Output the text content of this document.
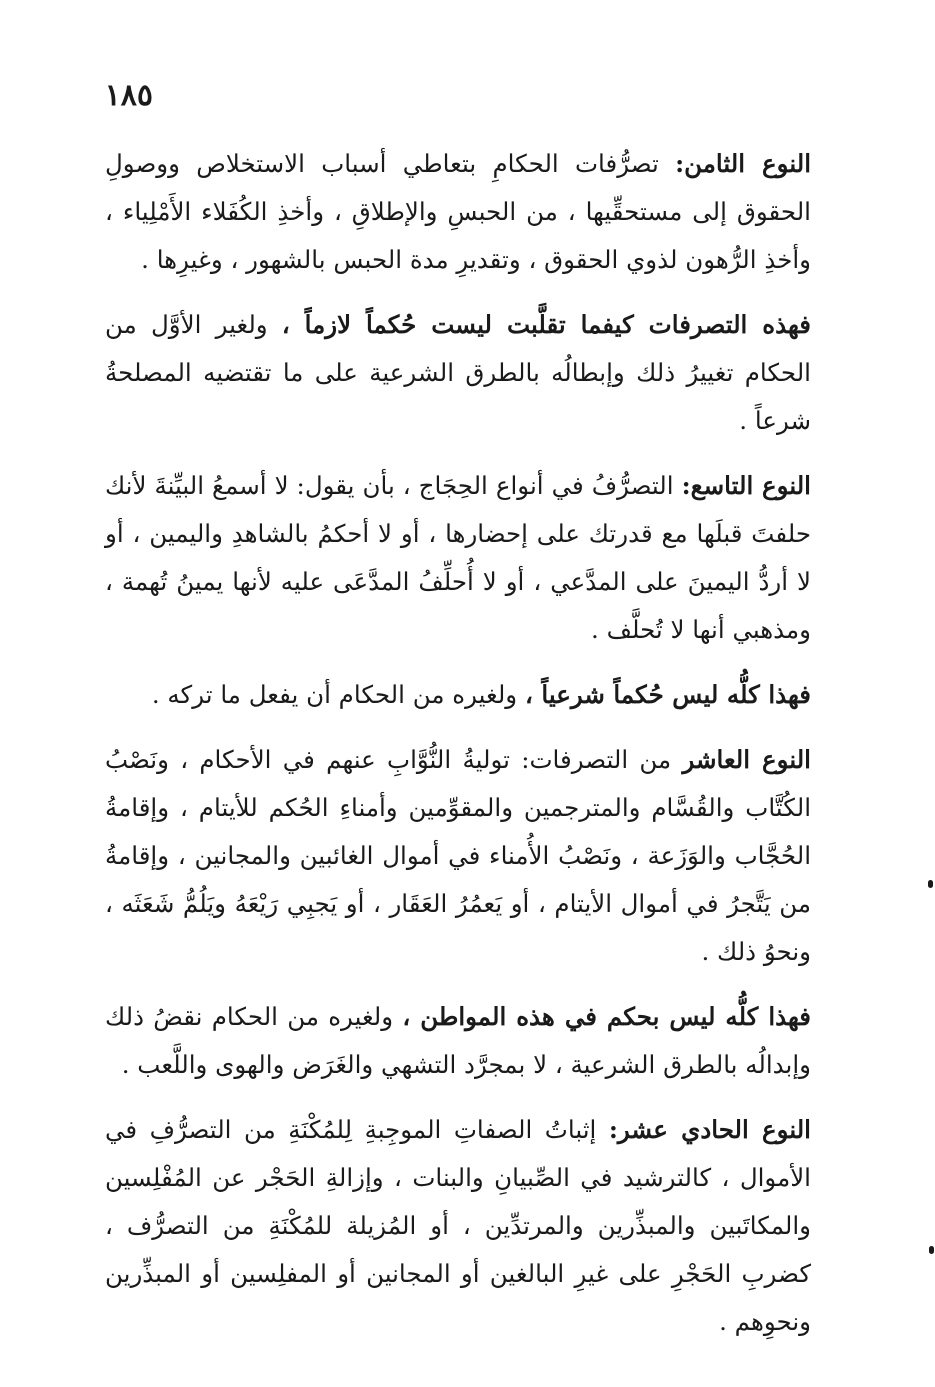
١٨٥

النوع الثامن: تصرُّفات الحكامِ بتعاطي أسباب الاستخلاص ووصولِ الحقوق إلى مستحقِّيها ، من الحبسِ والإطلاقِ ، وأخذِ الكُفَلاء الأَمْلِياء ، وأخذِ الرُّهون لذوي الحقوق ، وتقديرِ مدة الحبس بالشهور ، وغيرِها .

فهذه التصرفات كيفما تقلَّبت ليست حُكماً لازماً ، ولغير الأوَّل من الحكام تغييرُ ذلك وإبطالُه بالطرق الشرعية على ما تقتضيه المصلحةُ شرعاً .

النوع التاسع: التصرُّفُ في أنواع الحِجَاج ، بأن يقول: لا أسمعُ البيِّنةَ لأنك حلفتَ قبلَها مع قدرتك على إحضارها ، أو لا أحكمُ بالشاهدِ واليمين ، أو لا أردُّ اليمينَ على المدَّعي ، أو لا أُحلِّفُ المدَّعَى عليه لأنها يمينُ تُهمة ، ومذهبي أنها لا تُحلَّف .

فهذا كلُّه ليس حُكماً شرعياً ، ولغيره من الحكام أن يفعل ما تركه .

النوع العاشر من التصرفات: توليةُ النُّوَّابِ عنهم في الأحكام ، ونَصْبُ الكُتَّاب والقُسَّام والمترجمين والمقوِّمين وأمناءِ الحُكم للأيتام ، وإقامةُ الحُجَّاب والوَزَعة ، ونَصْبُ الأُمناء في أموال الغائبين والمجانين ، وإقامةُ من يَتَّجرُ في أموال الأيتام ، أو يَعمُرُ العَقَار ، أو يَجبِي رَيْعَهُ ويَلُمُّ شَعَثَه ، ونحوُ ذلك .

فهذا كلُّه ليس بحكم في هذه المواطن ، ولغيره من الحكام نقضُ ذلك وإبدالُه بالطرق الشرعية ، لا بمجرَّد التشهي والغَرَض والهوى واللَّعب .

النوع الحادي عشر: إثباتُ الصفاتِ الموجِبةِ لِلمُكْنَةِ من التصرُّفِ في الأموال ، كالترشيد في الصِّبيانِ والبنات ، وإزالةِ الحَجْر عن المُفْلِسين والمكاتَبين والمبذِّرين والمرتدِّين ، أو المُزيلة للمُكْنَةِ من التصرُّف ، كضربِ الحَجْرِ على غيرِ البالغين أو المجانين أو المفلِسين أو المبذِّرين ونحوِهم .
